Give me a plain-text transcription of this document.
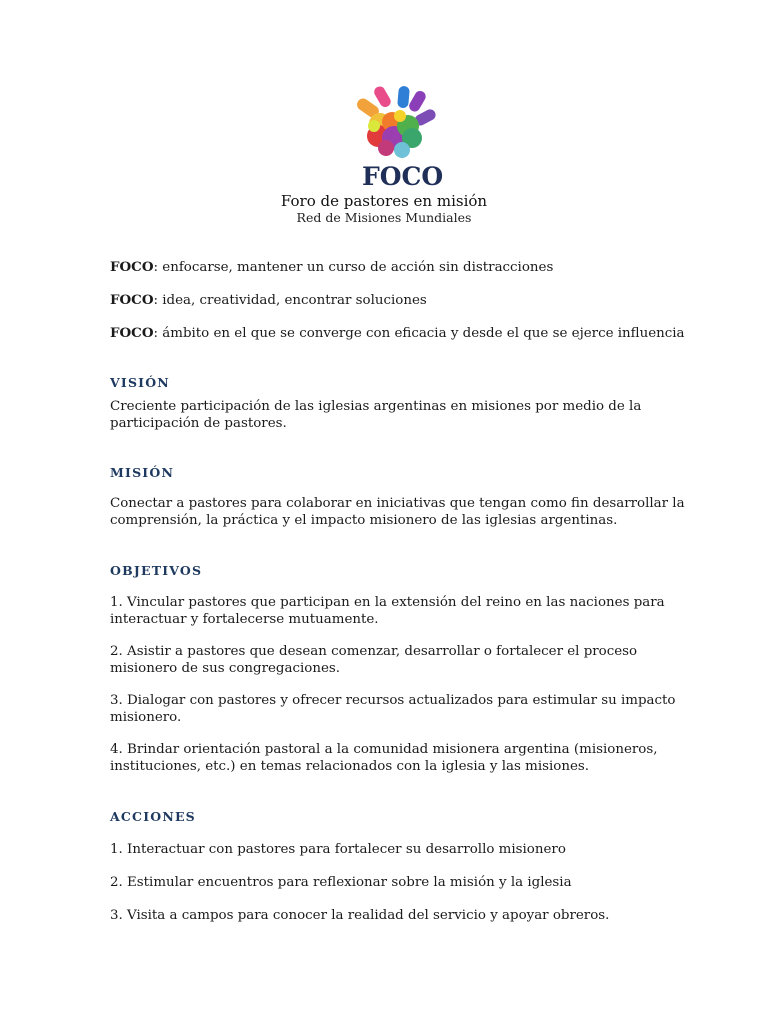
FOCO
Foro de pastores en misión
Red de Misiones Mundiales
FOCO: enfocarse, mantener un curso de acción sin distracciones
FOCO: idea, creatividad, encontrar soluciones
FOCO: ámbito en el que se converge con eficacia y desde el que se ejerce influencia
VISIÓN
Creciente participación de las iglesias argentinas en misiones por medio de la participación de pastores.
MISIÓN
Conectar a pastores para colaborar en iniciativas que tengan como fin desarrollar la comprensión, la práctica y el impacto misionero de las iglesias argentinas.
OBJETIVOS
1. Vincular pastores que participan en la extensión del reino en las naciones para interactuar y fortalecerse mutuamente.
2. Asistir a pastores que desean comenzar, desarrollar o fortalecer el proceso misionero de sus congregaciones.
3. Dialogar con pastores y ofrecer recursos actualizados para estimular su impacto misionero.
4. Brindar orientación pastoral a la comunidad misionera argentina (misioneros, instituciones, etc.) en temas relacionados con la iglesia y las misiones.
ACCIONES
1. Interactuar con pastores para fortalecer su desarrollo misionero
2. Estimular encuentros para reflexionar sobre la misión y la iglesia
3. Visita a campos para conocer la realidad del servicio y apoyar obreros.
